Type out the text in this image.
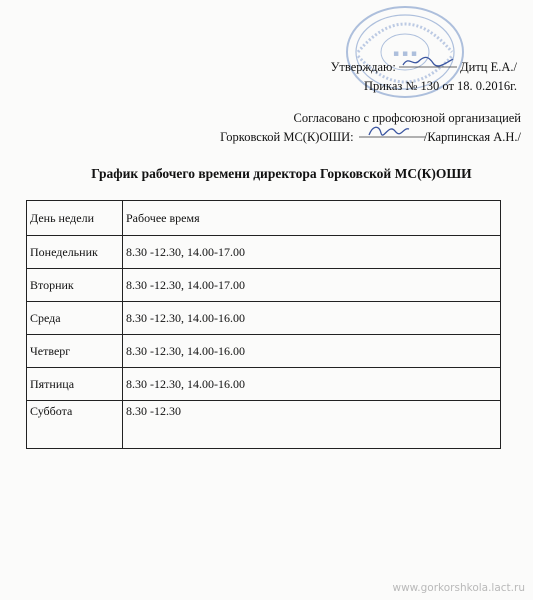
▪ ▪ ▪
Утверждаю:	Дитц Е.А./
Приказ № 130 от 18. 0.2016г.
Согласовано с профсоюзной организацией
Горковской МС(К)ОШИ:	/Карпинская А.Н./
График рабочего времени директора Горковской МС(К)ОШИ
День недели	Рабочее время
Понедельник	8.30 -12.30, 14.00-17.00
Вторник	8.30 -12.30, 14.00-17.00
Среда	8.30 -12.30, 14.00-16.00
Четверг	8.30 -12.30, 14.00-16.00
Пятница	8.30 -12.30, 14.00-16.00
Суббота	8.30 -12.30
www.gorkorshkola.lact.ru
